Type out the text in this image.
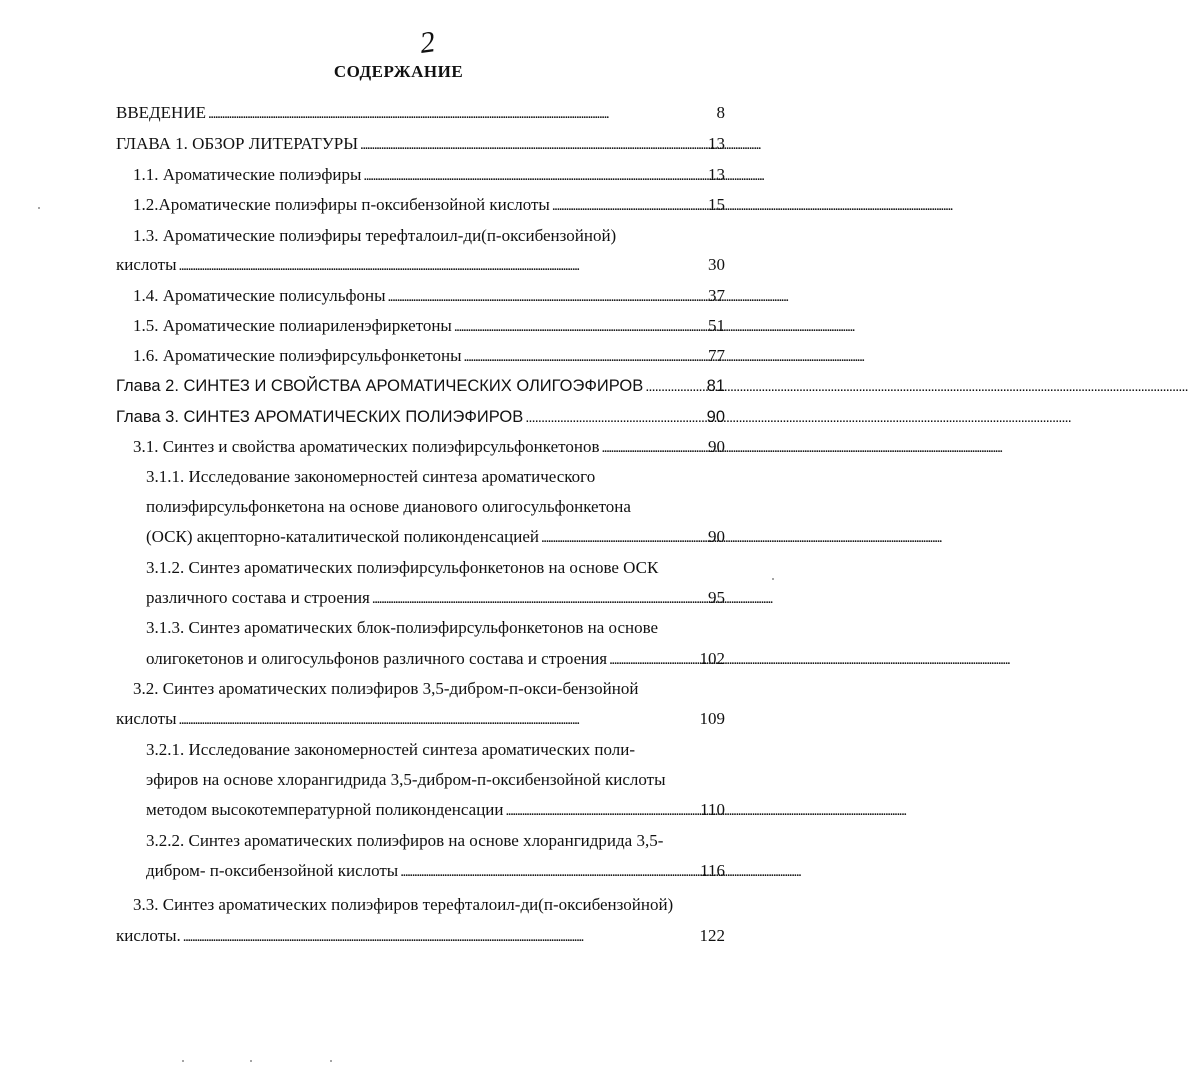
2
СОДЕРЖАНИЕ
ВВЕДЕНИЕ . . .	8
ГЛАВА 1. ОБЗОР ЛИТЕРАТУРЫ . . .	13
1.1. Ароматические полиэфиры . . .	13
1.2.Ароматические полиэфиры п-оксибензойной кислоты . . .	15
1.3. Ароматические полиэфиры терефталоил-ди(п-оксибензойной)
кислоты . . .	30
1.4. Ароматические полисульфоны . . .	37
1.5. Ароматические полиариленэфиркетоны . . .	51
1.6. Ароматические полиэфирсульфонкетоны . . .	77
Глава 2. СИНТЕЗ И СВОЙСТВА АРОМАТИЧЕСКИХ ОЛИГОЭФИРОВ . . .	81
Глава 3. СИНТЕЗ АРОМАТИЧЕСКИХ ПОЛИЭФИРОВ . . .	90
3.1. Синтез и свойства ароматических полиэфирсульфонкетонов . . .	90
3.1.1. Исследование закономерностей синтеза ароматического
полиэфирсульфонкетона на основе дианового олигосульфонкетона
(ОСК) акцепторно-каталитической поликонденсацией . . .	90
3.1.2. Синтез ароматических полиэфирсульфонкетонов на основе ОСК
различного состава и строения . . .	95
3.1.3. Синтез ароматических блок-полиэфирсульфонкетонов на основе
олигокетонов и олигосульфонов различного состава и строения . . .	102
3.2. Синтез ароматических полиэфиров 3,5-дибром-п-окси-бензойной
кислоты . . .	109
3.2.1. Исследование закономерностей синтеза ароматических поли-
эфиров на основе хлорангидрида 3,5-дибром-п-оксибензойной кислоты
методом высокотемпературной поликонденсации . . .	110
3.2.2. Синтез ароматических полиэфиров на основе хлорангидрида 3,5-
дибром- п-оксибензойной кислоты . . .	116
3.3. Синтез ароматических полиэфиров терефталоил-ди(п-оксибензойной)
кислоты. . . .	122
